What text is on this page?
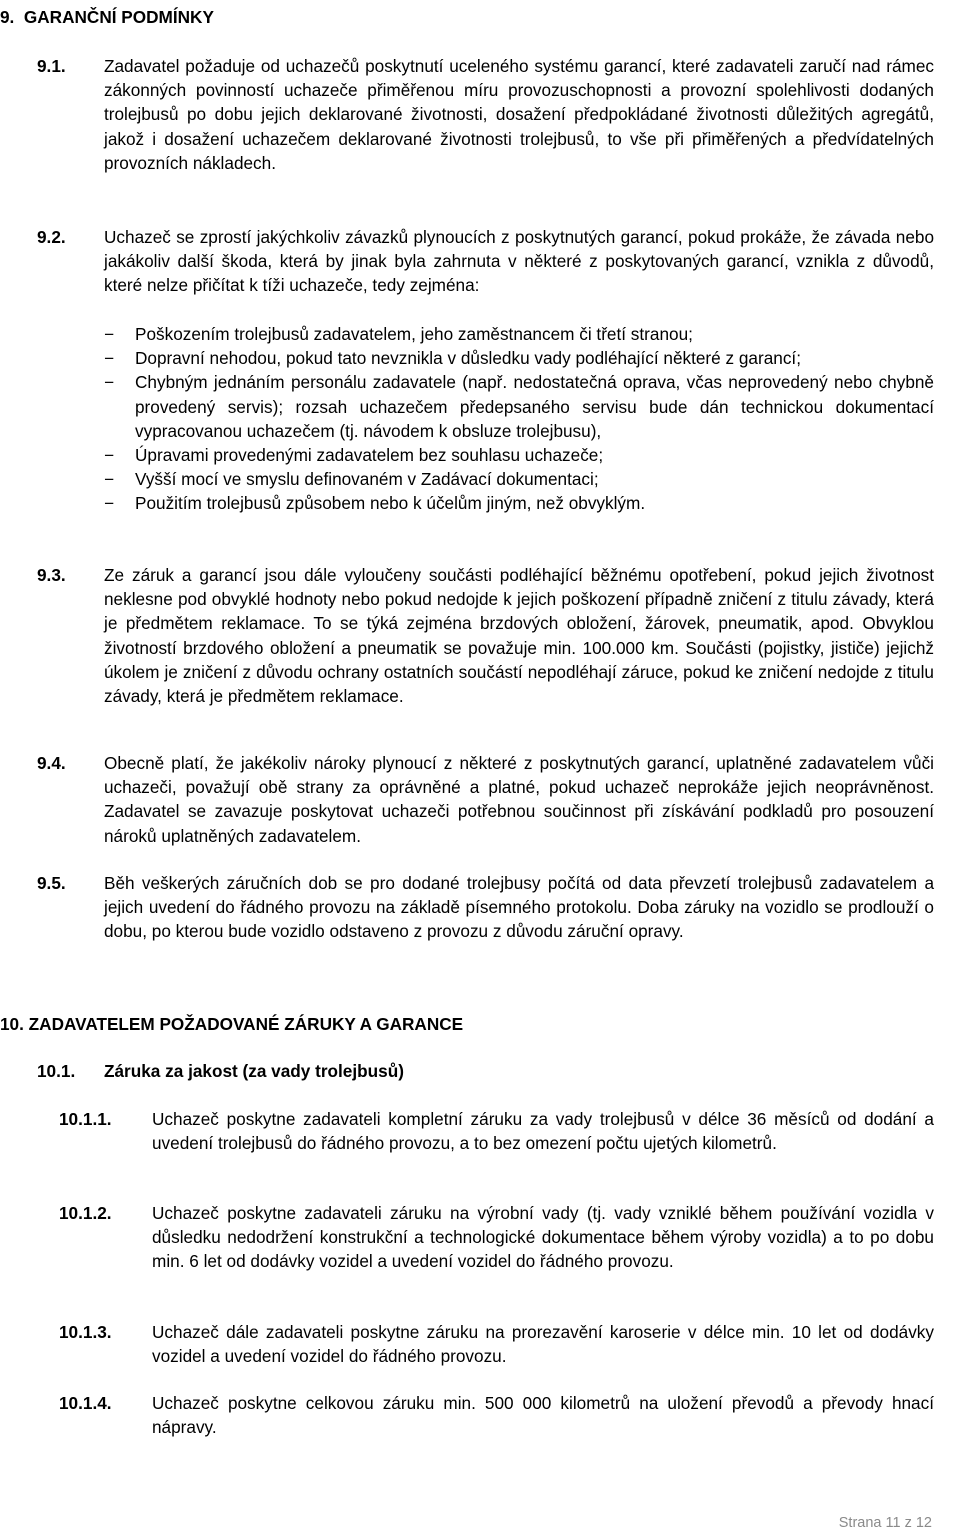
9.  GARANČNÍ PODMÍNKY
9.1. Zadavatel požaduje od uchazečů poskytnutí uceleného systému garancí, které zadavateli zaručí nad rámec zákonných povinností uchazeče přiměřenou míru provozuschopnosti a provozní spolehlivosti dodaných trolejbusů po dobu jejich deklarované životnosti, dosažení předpokládané životnosti důležitých agregátů, jakož i dosažení uchazečem deklarované životnosti trolejbusů, to vše při přiměřených a předvídatelných provozních nákladech.
9.2. Uchazeč se zprostí jakýchkoliv závazků plynoucích z poskytnutých garancí, pokud prokáže, že závada nebo jakákoliv další škoda, která by jinak byla zahrnuta v některé z poskytovaných garancí, vznikla z důvodů, které nelze přičítat k tíži uchazeče, tedy zejména:
− Poškozením trolejbusů zadavatelem, jeho zaměstnancem či třetí stranou;
− Dopravní nehodou, pokud tato nevznikla v důsledku vady podléhající některé z garancí;
− Chybným jednáním personálu zadavatele (např. nedostatečná oprava, včas neprovedený nebo chybně provedený servis); rozsah uchazečem předepsaného servisu bude dán technickou dokumentací vypracovanou uchazečem (tj. návodem k obsluze trolejbusu),
− Úpravami provedenými zadavatelem bez souhlasu uchazeče;
− Vyšší mocí ve smyslu definovaném v Zadávací dokumentaci;
− Použitím trolejbusů způsobem nebo k účelům jiným, než obvyklým.
9.3. Ze záruk a garancí jsou dále vyloučeny součásti podléhající běžnému opotřebení, pokud jejich životnost neklesne pod obvyklé hodnoty nebo pokud nedojde k jejich poškození případně zničení z titulu závady, která je předmětem reklamace. To se týká zejména brzdových obložení, žárovek, pneumatik, apod. Obvyklou životností brzdového obložení a pneumatik se považuje min. 100.000 km. Součásti (pojistky, jističe) jejichž úkolem je zničení z důvodu ochrany ostatních součástí nepodléhají záruce, pokud ke zničení nedojde z titulu závady, která je předmětem reklamace.
9.4. Obecně platí, že jakékoliv nároky plynoucí z některé z poskytnutých garancí, uplatněné zadavatelem vůči uchazeči, považují obě strany za oprávněné a platné, pokud uchazeč neprokáže jejich neoprávněnost. Zadavatel se zavazuje poskytovat uchazeči potřebnou součinnost při získávání podkladů pro posouzení nároků uplatněných zadavatelem.
9.5. Běh veškerých záručních dob se pro dodané trolejbusy počítá od data převzetí trolejbusů zadavatelem a jejich uvedení do řádného provozu na základě písemného protokolu. Doba záruky na vozidlo se prodlouží o dobu, po kterou bude vozidlo odstaveno z provozu z důvodu záruční opravy.
10. ZADAVATELEM POŽADOVANÉ ZÁRUKY A GARANCE
10.1. Záruka za jakost (za vady trolejbusů)
10.1.1. Uchazeč poskytne zadavateli kompletní záruku za vady trolejbusů v délce 36 měsíců od dodání a uvedení trolejbusů do řádného provozu, a to bez omezení počtu ujetých kilometrů.
10.1.2. Uchazeč poskytne zadavateli záruku na výrobní vady (tj. vady vzniklé během používání vozidla v důsledku nedodržení konstrukční a technologické dokumentace během výroby vozidla) a to po dobu min. 6 let od dodávky vozidel a uvedení vozidel do řádného provozu.
10.1.3. Uchazeč dále zadavateli poskytne záruku na prorezavění karoserie v délce min. 10 let od dodávky vozidel a uvedení vozidel do řádného provozu.
10.1.4. Uchazeč poskytne celkovou záruku min. 500 000 kilometrů na uložení převodů a převody hnací nápravy.
Strana 11 z 12
